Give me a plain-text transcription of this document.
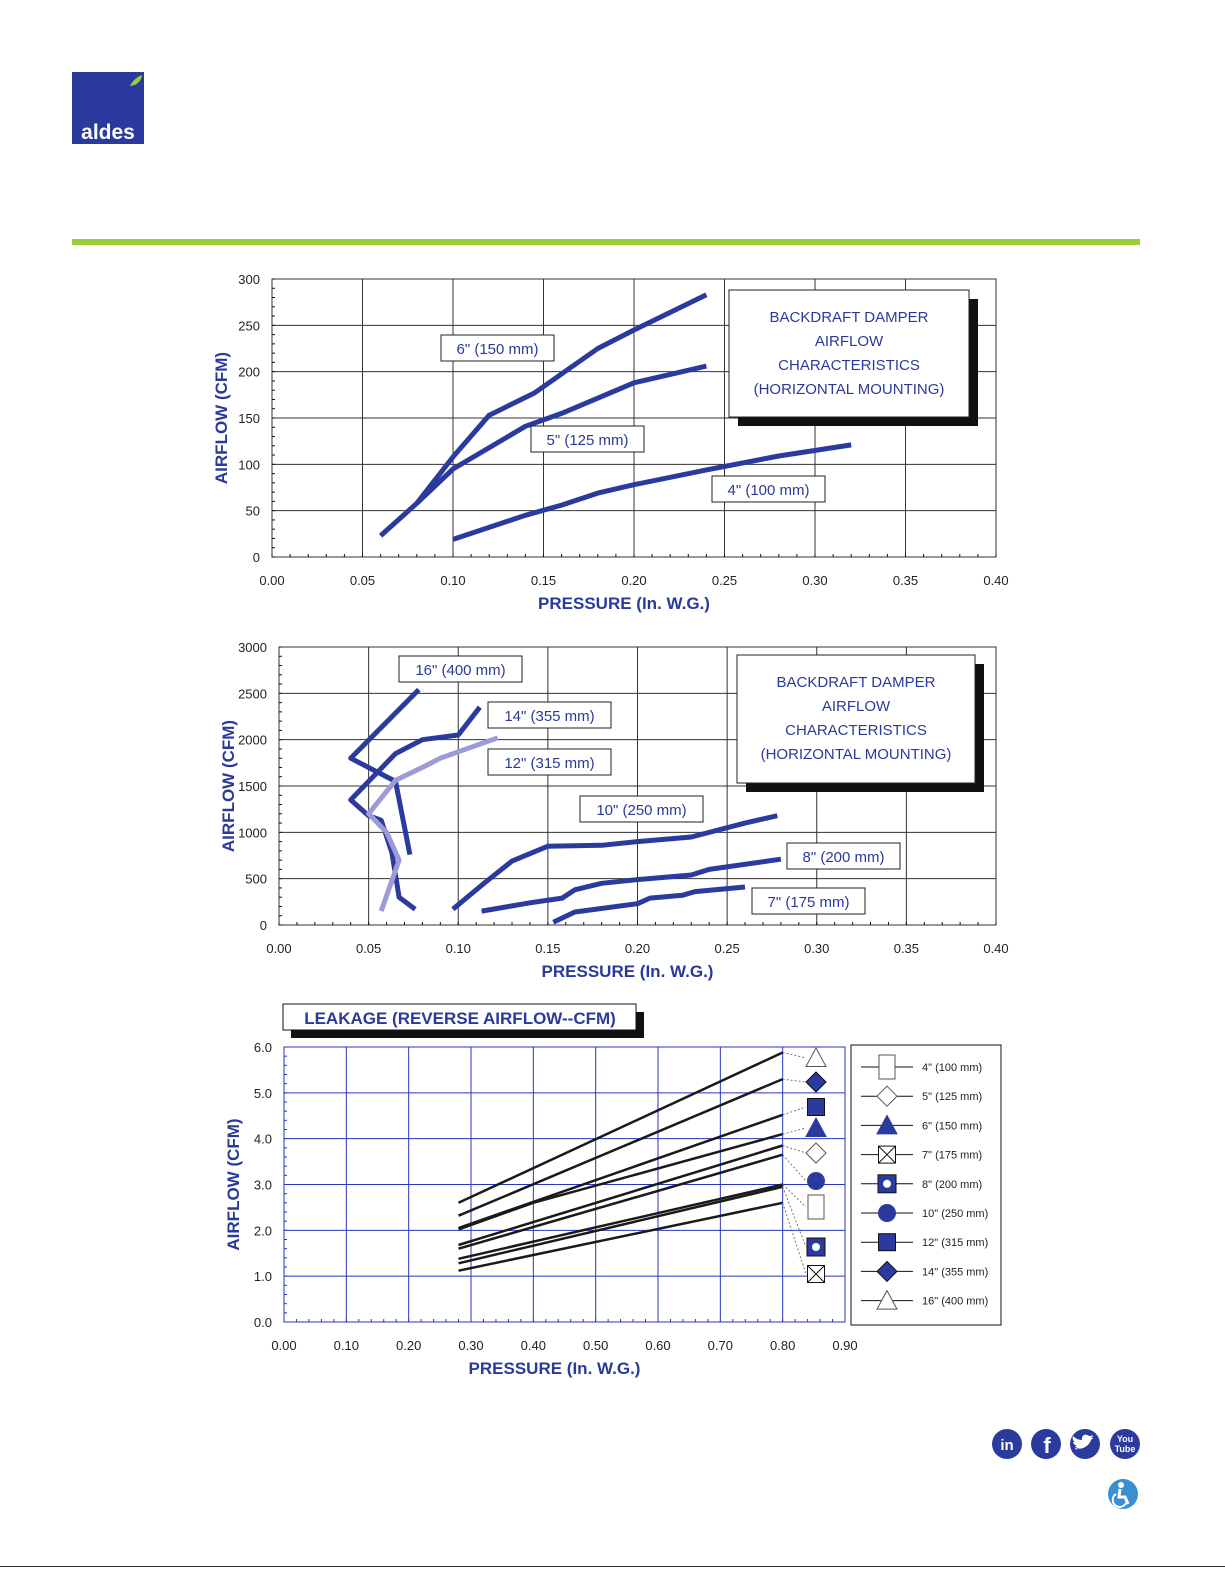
aldes
0.00	0.05	0.10	0.15	0.20	0.25	0.30	0.35	0.40
0
50
100
150
200
250
300
PRESSURE (In. W.G.)
AIRFLOW (CFM)
6" (150 mm)
5" (125 mm)
4" (100 mm)
BACKDRAFT DAMPER
AIRFLOW
CHARACTERISTICS
(HORIZONTAL MOUNTING)
0.00	0.05	0.10	0.15	0.20	0.25	0.30	0.35	0.40
0
500
1000
1500
2000
2500
3000
PRESSURE (In. W.G.)
AIRFLOW (CFM)
16" (400 mm)
14" (355 mm)
12" (315 mm)
10" (250 mm)
8" (200 mm)
7" (175 mm)
BACKDRAFT DAMPER
AIRFLOW
CHARACTERISTICS
(HORIZONTAL MOUNTING)
0.00	0.10	0.20	0.30	0.40	0.50	0.60	0.70	0.80	0.90
0.0
1.0
2.0
3.0
4.0
5.0
6.0
PRESSURE (In. W.G.)
AIRFLOW (CFM)
LEAKAGE (REVERSE AIRFLOW--CFM)
4" (100 mm)
5" (125 mm)
6" (150 mm)
7" (175 mm)
8" (200 mm)
10" (250 mm)
12" (315 mm)
14" (355 mm)
16" (400 mm)
in f	You
Tube
